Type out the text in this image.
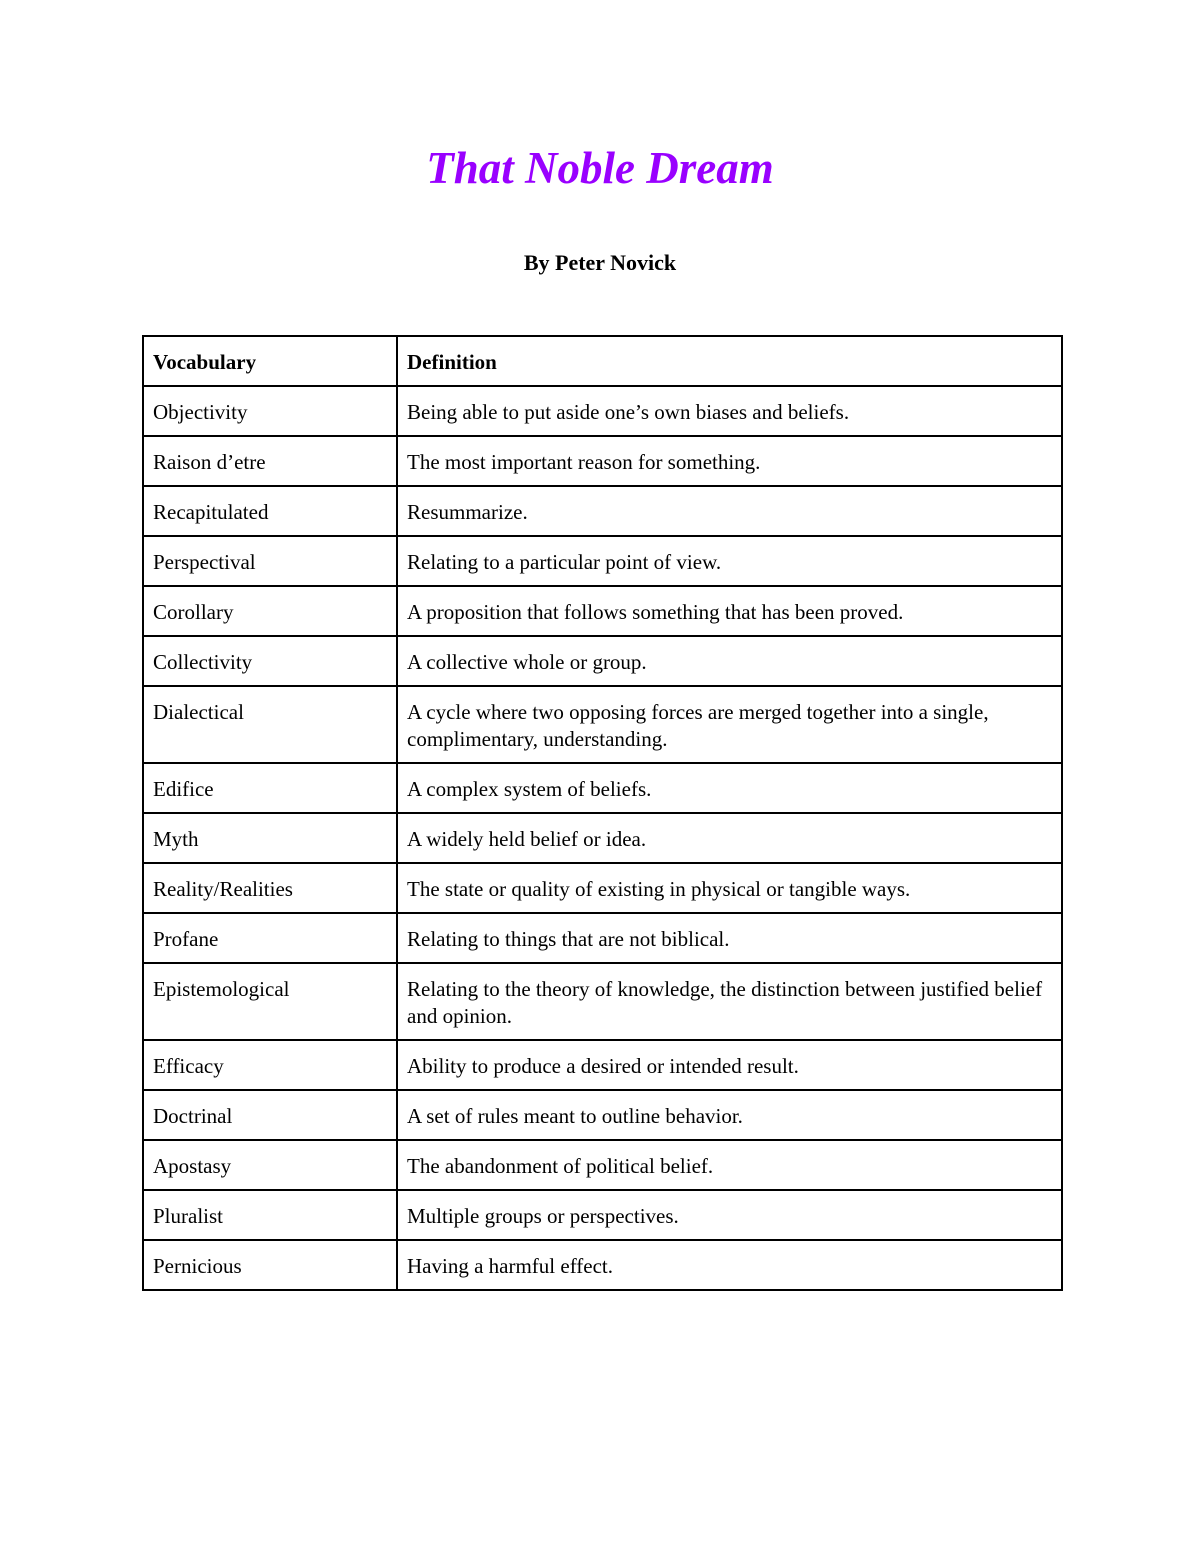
That Noble Dream

By Peter Novick

Vocabulary	Definition
Objectivity	Being able to put aside one’s own biases and beliefs.
Raison d’etre	The most important reason for something.
Recapitulated	Resummarize.
Perspectival	Relating to a particular point of view.
Corollary	A proposition that follows something that has been proved.
Collectivity	A collective whole or group.
Dialectical	A cycle where two opposing forces are merged together into a single, complimentary, understanding.
Edifice	A complex system of beliefs.
Myth	A widely held belief or idea.
Reality/Realities	The state or quality of existing in physical or tangible ways.
Profane	Relating to things that are not biblical.
Epistemological	Relating to the theory of knowledge, the distinction between justified belief and opinion.
Efficacy	Ability to produce a desired or intended result.
Doctrinal	A set of rules meant to outline behavior.
Apostasy	The abandonment of political belief.
Pluralist	Multiple groups or perspectives.
Pernicious	Having a harmful effect.
